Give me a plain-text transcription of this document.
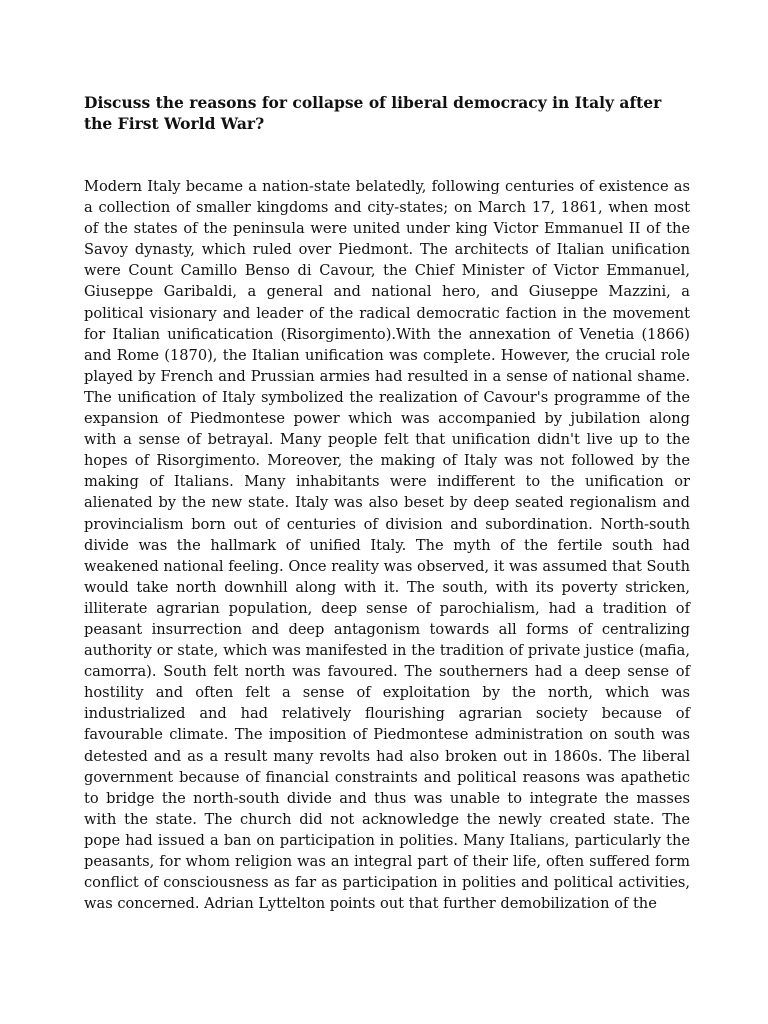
Discuss the reasons for collapse of liberal democracy in Italy after the First World War?

Modern Italy became a nation-state belatedly, following centuries of existence as a collection of smaller kingdoms and city-states; on March 17, 1861, when most of the states of the peninsula were united under king Victor Emmanuel II of the Savoy dynasty, which ruled over Piedmont. The architects of Italian unification were Count Camillo Benso di Cavour, the Chief Minister of Victor Emmanuel, Giuseppe Garibaldi, a general and national hero, and Giuseppe Mazzini, a political visionary and leader of the radical democratic faction in the movement for Italian unificatication (Risorgimento).With the annexation of Venetia (1866) and Rome (1870), the Italian unification was complete. However, the crucial role played by French and Prussian armies had resulted in a sense of national shame. The unification of Italy symbolized the realization of Cavour's programme of the expansion of Piedmontese power which was accompanied by jubilation along with a sense of betrayal. Many people felt that unification didn't live up to the hopes of Risorgimento. Moreover, the making of Italy was not followed by the making of Italians. Many inhabitants were indifferent to the unification or alienated by the new state. Italy was also beset by deep seated regionalism and provincialism born out of centuries of division and subordination. North-south divide was the hallmark of unified Italy. The myth of the fertile south had weakened national feeling. Once reality was observed, it was assumed that South would take north downhill along with it. The south, with its poverty stricken, illiterate agrarian population, deep sense of parochialism, had a tradition of peasant insurrection and deep antagonism towards all forms of centralizing authority or state, which was manifested in the tradition of private justice (mafia, camorra). South felt north was favoured. The southerners had a deep sense of hostility and often felt a sense of exploitation by the north, which was industrialized and had relatively flourishing agrarian society because of favourable climate. The imposition of Piedmontese administration on south was detested and as a result many revolts had also broken out in 1860s. The liberal government because of financial constraints and political reasons was apathetic to bridge the north-south divide and thus was unable to integrate the masses with the state. The church did not acknowledge the newly created state. The pope had issued a ban on participation in polities. Many Italians, particularly the peasants, for whom religion was an integral part of their life, often suffered form conflict of consciousness as far as participation in polities and political activities, was concerned. Adrian Lyttelton points out that further demobilization of the
